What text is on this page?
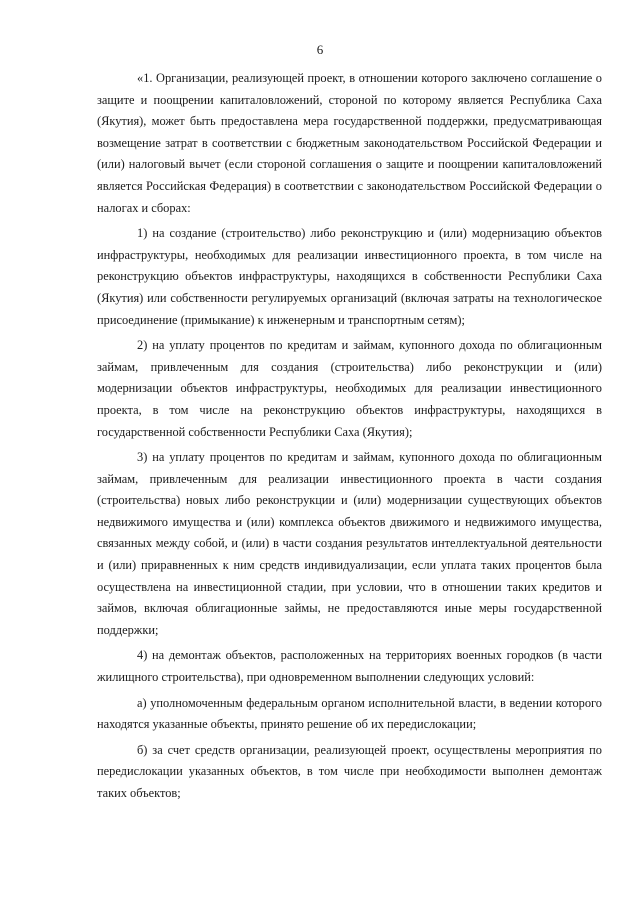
6

«1. Организации, реализующей проект, в отношении которого заключено соглашение о защите и поощрении капиталовложений, стороной по которому является Республика Саха (Якутия), может быть предоставлена мера государственной поддержки, предусматривающая возмещение затрат в соответствии с бюджетным законодательством Российской Федерации и (или) налоговый вычет (если стороной соглашения о защите и поощрении капиталовложений является Российская Федерация) в соответствии с законодательством Российской Федерации о налогах и сборах:

1) на создание (строительство) либо реконструкцию и (или) модернизацию объектов инфраструктуры, необходимых для реализации инвестиционного проекта, в том числе на реконструкцию объектов инфраструктуры, находящихся в собственности Республики Саха (Якутия) или собственности регулируемых организаций (включая затраты на технологическое присоединение (примыкание) к инженерным и транспортным сетям);

2) на уплату процентов по кредитам и займам, купонного дохода по облигационным займам, привлеченным для создания (строительства) либо реконструкции и (или) модернизации объектов инфраструктуры, необходимых для реализации инвестиционного проекта, в том числе на реконструкцию объектов инфраструктуры, находящихся в государственной собственности Республики Саха (Якутия);

3) на уплату процентов по кредитам и займам, купонного дохода по облигационным займам, привлеченным для реализации инвестиционного проекта в части создания (строительства) новых либо реконструкции и (или) модернизации существующих объектов недвижимого имущества и (или) комплекса объектов движимого и недвижимого имущества, связанных между собой, и (или) в части создания результатов интеллектуальной деятельности и (или) приравненных к ним средств индивидуализации, если уплата таких процентов была осуществлена на инвестиционной стадии, при условии, что в отношении таких кредитов и займов, включая облигационные займы, не предоставляются иные меры государственной поддержки;

4) на демонтаж объектов, расположенных на территориях военных городков (в части жилищного строительства), при одновременном выполнении следующих условий:

а) уполномоченным федеральным органом исполнительной власти, в ведении которого находятся указанные объекты, принято решение об их передислокации;

б) за счет средств организации, реализующей проект, осуществлены мероприятия по передислокации указанных объектов, в том числе при необходимости выполнен демонтаж таких объектов;
